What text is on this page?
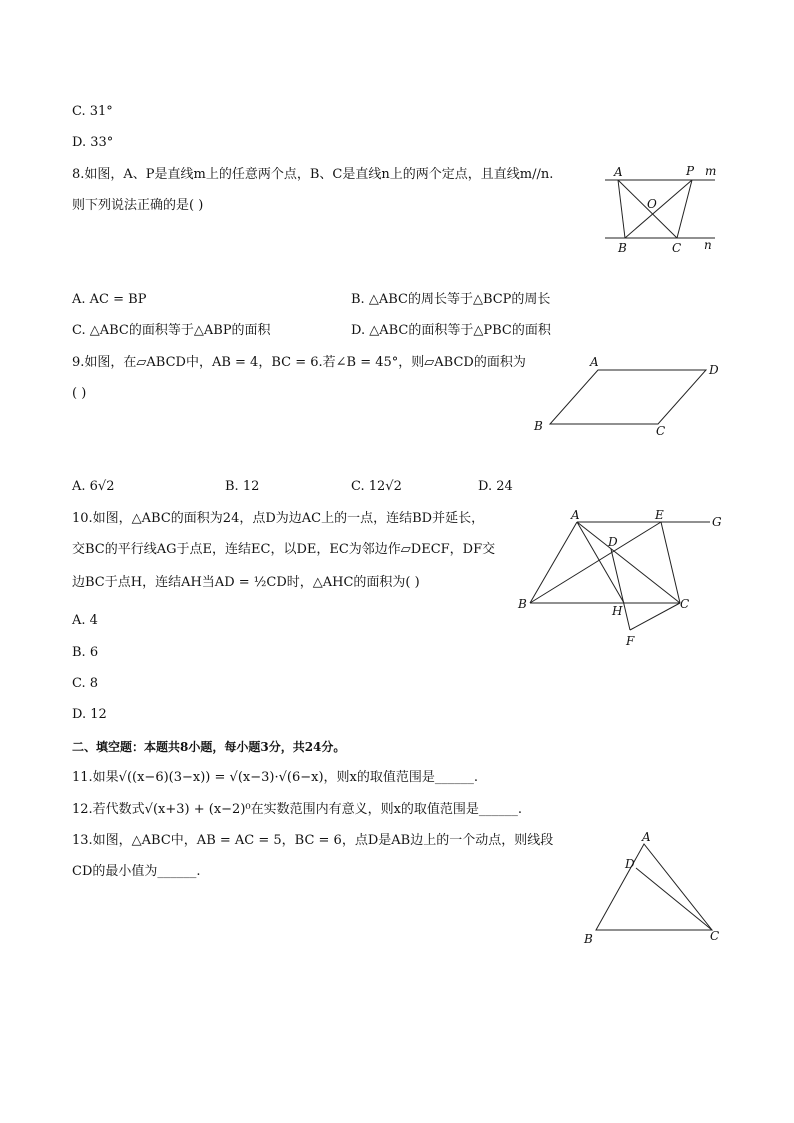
C. 31°
D. 33°
8.如图，A、P是直线m上的任意两个点，B、C是直线n上的两个定点，且直线m//n.
则下列说法正确的是( )
A	P m
O
B	C n
A. AC = BP	B. △ABC的周长等于△BCP的周长
C. △ABC的面积等于△ABP的面积	D. △ABC的面积等于△PBC的面积
9.如图，在▱ABCD中，AB = 4，BC = 6.若∠B = 45°，则▱ABCD的面积为
( )
A
D
B	C
A. 6√2	B. 12	C. 12√2	D. 24
10.如图，△ABC的面积为24，点D为边AC上的一点，连结BD并延长，
交BC的平行线AG于点E，连结EC，以DE，EC为邻边作▱DECF，DF交
边BC于点H，连结AH当AD = ½CD时，△AHC的面积为( )
A	E	G
D
B	H	C
F
A. 4
B. 6
C. 8
D. 12
二、填空题：本题共8小题，每小题3分，共24分。
11.如果√((x−6)(3−x)) = √(x−3)·√(6−x)，则x的取值范围是______.
12.若代数式√(x+3) + (x−2)⁰在实数范围内有意义，则x的取值范围是______.
13.如图，△ABC中，AB = AC = 5，BC = 6，点D是AB边上的一个动点，则线段
CD的最小值为______.
A
D
B	C
